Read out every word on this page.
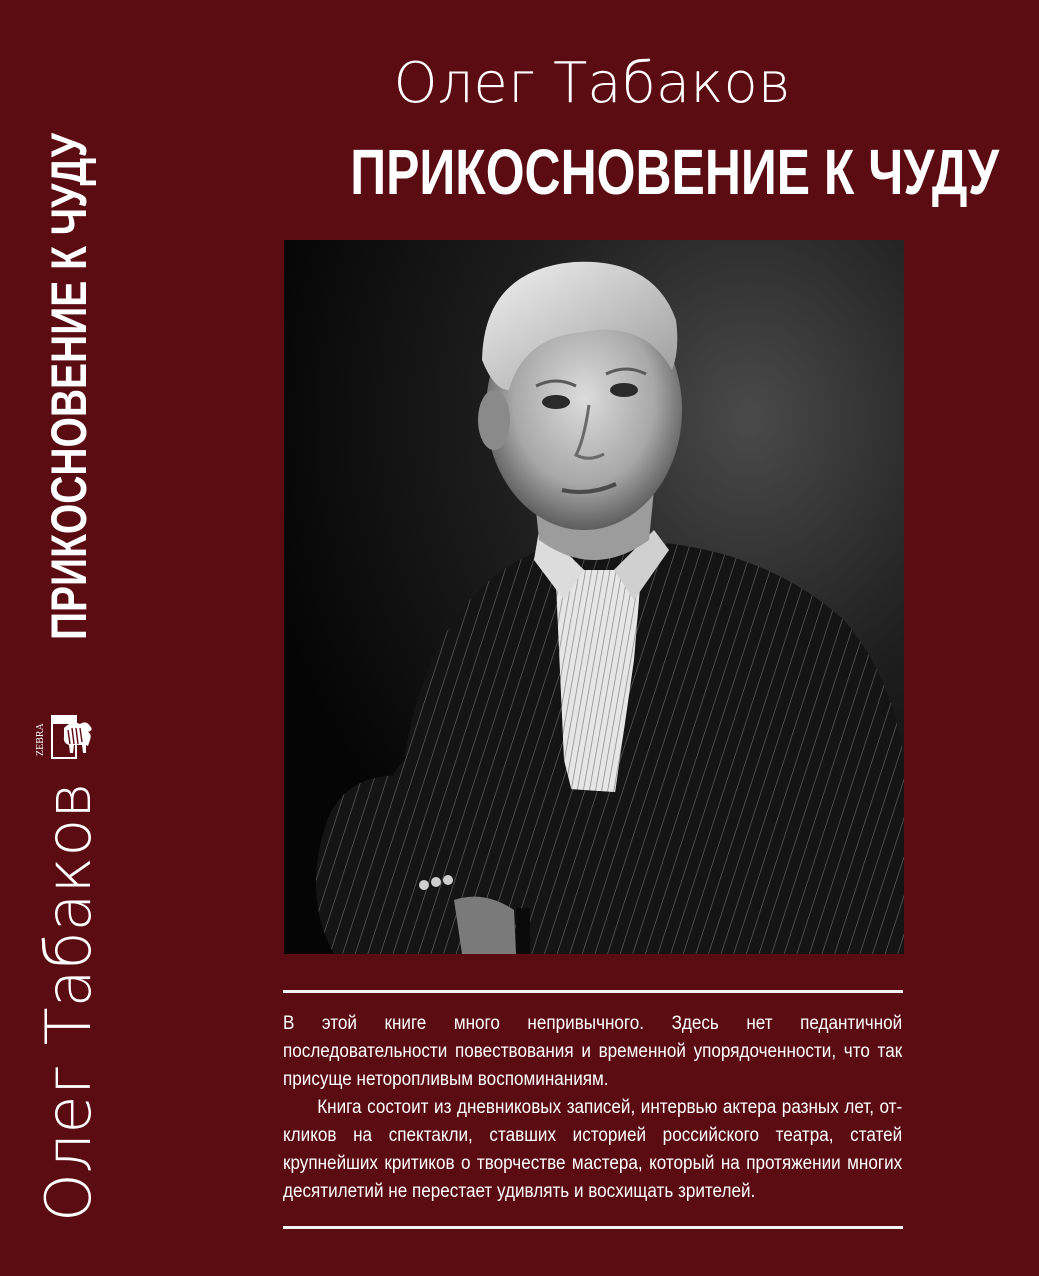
ПРИКОСНОВЕНИЕ К ЧУДУ
ZEBRA
Олег Табаков
Олег Табаков
ПРИКОСНОВЕНИЕ К ЧУДУ

В этой книге много непривычного. Здесь нет педантичной последовательности повествования и временной упорядоченности, что так присуще неторопливым воспоминаниям.

Книга состоит из дневниковых записей, интервью актера разных лет, от-кликов на спектакли, ставших историей российского театра, статей крупнейших критиков о творчестве мастера, который на протяжении многих десятилетий не перестает удивлять и восхищать зрителей.
